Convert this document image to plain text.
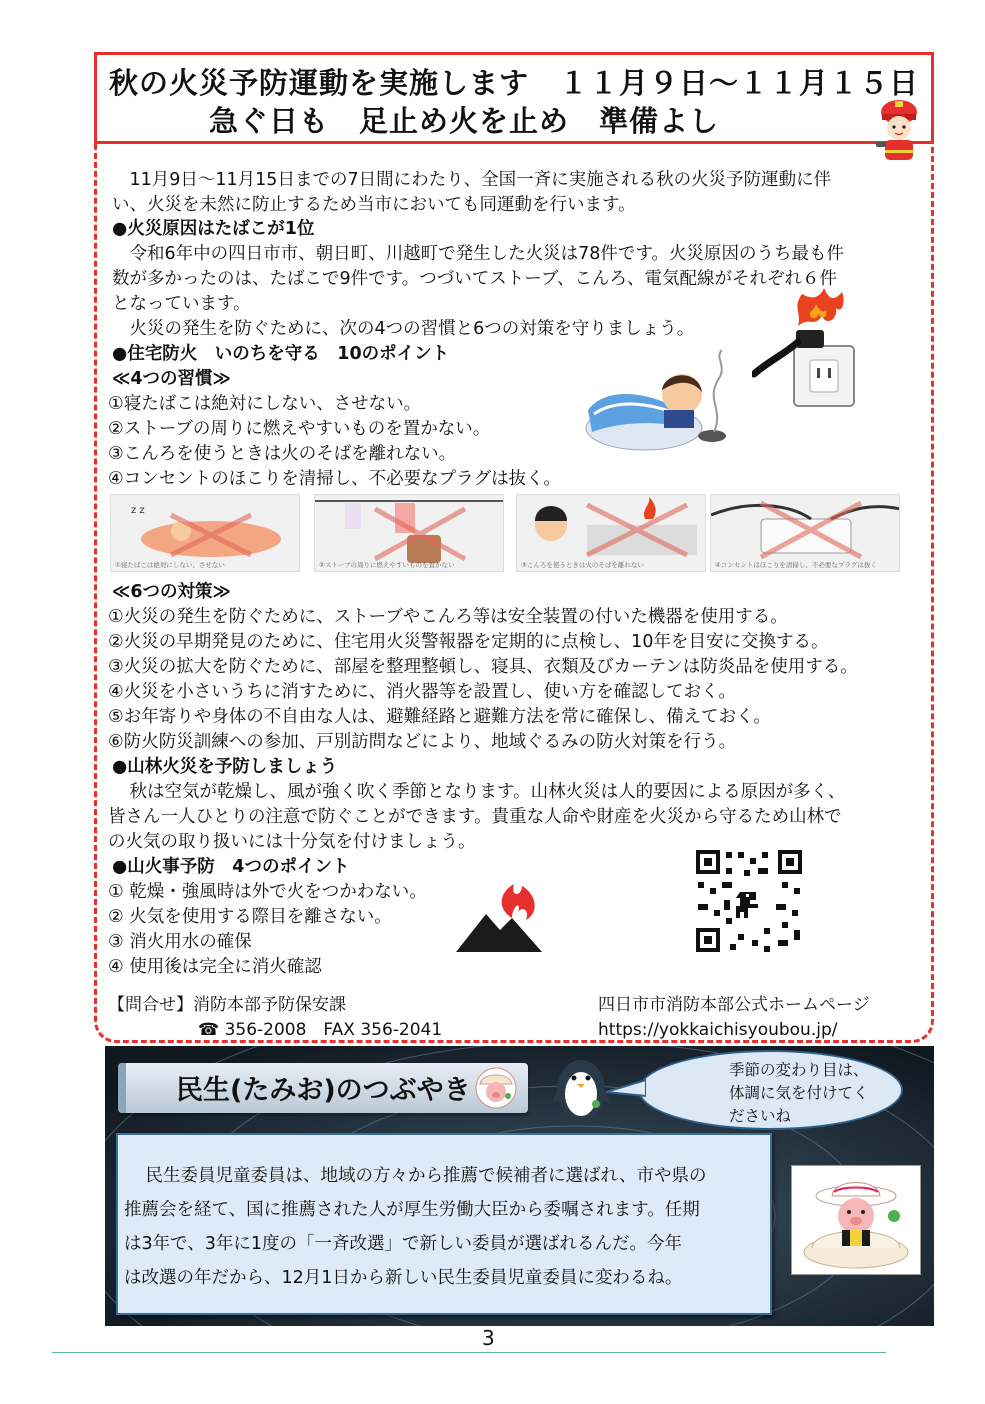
秋の火災予防運動を実施します　１１月９日～１１月１５日
急ぐ日も　足止め火を止め　準備よし
　11月9日～11月15日までの7日間にわたり、全国一斉に実施される秋の火災予防運動に伴
い、火災を未然に防止するため当市においても同運動を行います。
●火災原因はたばこが1位
　令和6年中の四日市市、朝日町、川越町で発生した火災は78件です。火災原因のうち最も件
数が多かったのは、たばこで9件です。つづいてストーブ、こんろ、電気配線がそれぞれ６件
となっています。
　火災の発生を防ぐために、次の4つの習慣と6つの対策を守りましょう。
●住宅防火　いのちを守る　10のポイント
≪4つの習慣≫
①寝たばこは絶対にしない、させない。
②ストーブの周りに燃えやすいものを置かない。
③こんろを使うときは火のそばを離れない。
④コンセントのほこりを清掃し、不必要なプラグは抜く。
z z
①寝たばこは絶対にしない、させない	②ストーブの周りに燃えやすいものを置かない	③こんろを使うときは火のそばを離れない	④コンセントはほこりを清掃し、不必要なプラグは抜く
≪6つの対策≫
①火災の発生を防ぐために、ストーブやこんろ等は安全装置の付いた機器を使用する。
②火災の早期発見のために、住宅用火災警報器を定期的に点検し、10年を目安に交換する。
③火災の拡大を防ぐために、部屋を整理整頓し、寝具、衣類及びカーテンは防炎品を使用する。
④火災を小さいうちに消すために、消火器等を設置し、使い方を確認しておく。
⑤お年寄りや身体の不自由な人は、避難経路と避難方法を常に確保し、備えておく。
⑥防火防災訓練への参加、戸別訪問などにより、地域ぐるみの防火対策を行う。
●山林火災を予防しましょう
　秋は空気が乾燥し、風が強く吹く季節となります。山林火災は人的要因による原因が多く、
皆さん一人ひとりの注意で防ぐことができます。貴重な人命や財産を火災から守るため山林で
の火気の取り扱いには十分気を付けましょう。
●山火事予防　4つのポイント
① 乾燥・強風時は外で火をつかわない。
② 火気を使用する際目を離さない。
③ 消火用水の確保
④ 使用後は完全に消火確認
【問合せ】消防本部予防保安課
☎ 356-2008　FAX 356-2041
四日市市消防本部公式ホームページ
https://yokkaichisyoubou.jp/
民生(たみお)のつぶやき
季節の変わり目は、
体調に気を付けてく
ださいね
　民生委員児童委員は、地域の方々から推薦で候補者に選ばれ、市や県の
推薦会を経て、国に推薦された人が厚生労働大臣から委嘱されます。任期
は3年で、3年に1度の「一斉改選」で新しい委員が選ばれるんだ。今年
は改選の年だから、12月1日から新しい民生委員児童委員に変わるね。
3
